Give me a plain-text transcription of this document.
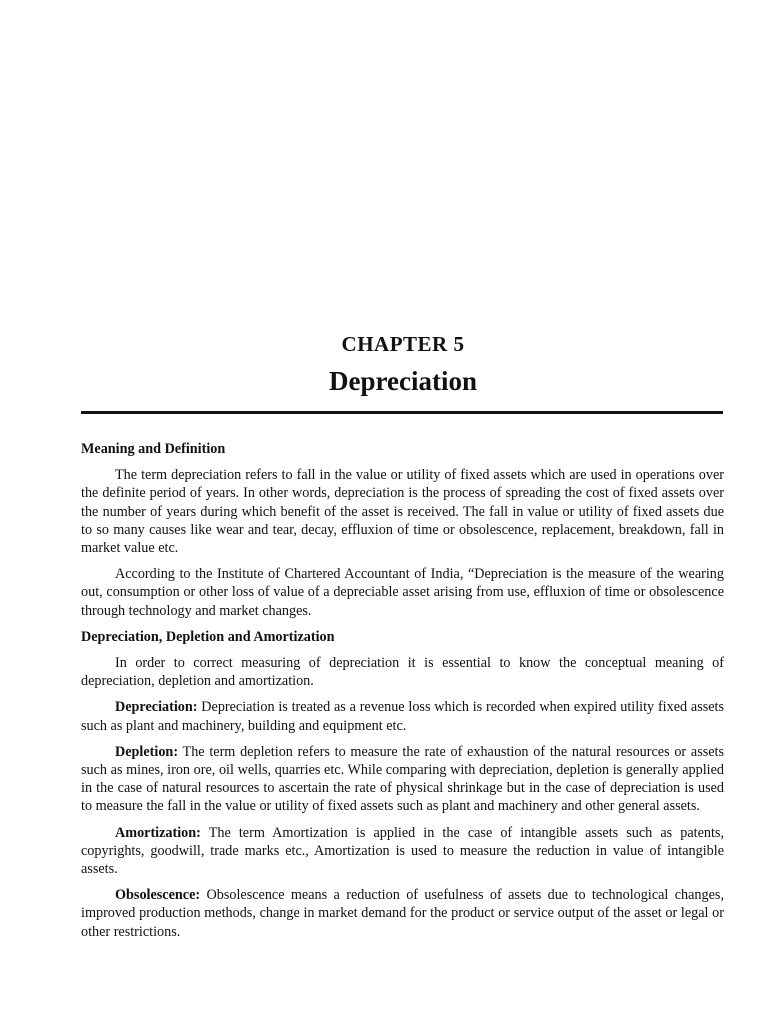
CHAPTER 5
Depreciation
Meaning and Definition

The term depreciation refers to fall in the value or utility of fixed assets which are used in operations over the definite period of years. In other words, depreciation is the process of spreading the cost of fixed assets over the number of years during which benefit of the asset is received. The fall in value or utility of fixed assets due to so many causes like wear and tear, decay, effluxion of time or obsolescence, replacement, breakdown, fall in market value etc.

According to the Institute of Chartered Accountant of India, “Depreciation is the measure of the wearing out, consumption or other loss of value of a depreciable asset arising from use, effluxion of time or obsolescence through technology and market changes.

Depreciation, Depletion and Amortization

In order to correct measuring of depreciation it is essential to know the conceptual meaning of depreciation, depletion and amortization.

Depreciation: Depreciation is treated as a revenue loss which is recorded when expired utility fixed assets such as plant and machinery, building and equipment etc.

Depletion: The term depletion refers to measure the rate of exhaustion of the natural resources or assets such as mines, iron ore, oil wells, quarries etc. While comparing with depreciation, depletion is generally applied in the case of natural resources to ascertain the rate of physical shrinkage but in the case of depreciation is used to measure the fall in the value or utility of fixed assets such as plant and machinery and other general assets.

Amortization: The term Amortization is applied in the case of intangible assets such as patents, copyrights, goodwill, trade marks etc., Amortization is used to measure the reduction in value of intangible assets.

Obsolescence: Obsolescence means a reduction of usefulness of assets due to technological changes, improved production methods, change in market demand for the product or service output of the asset or legal or other restrictions.
